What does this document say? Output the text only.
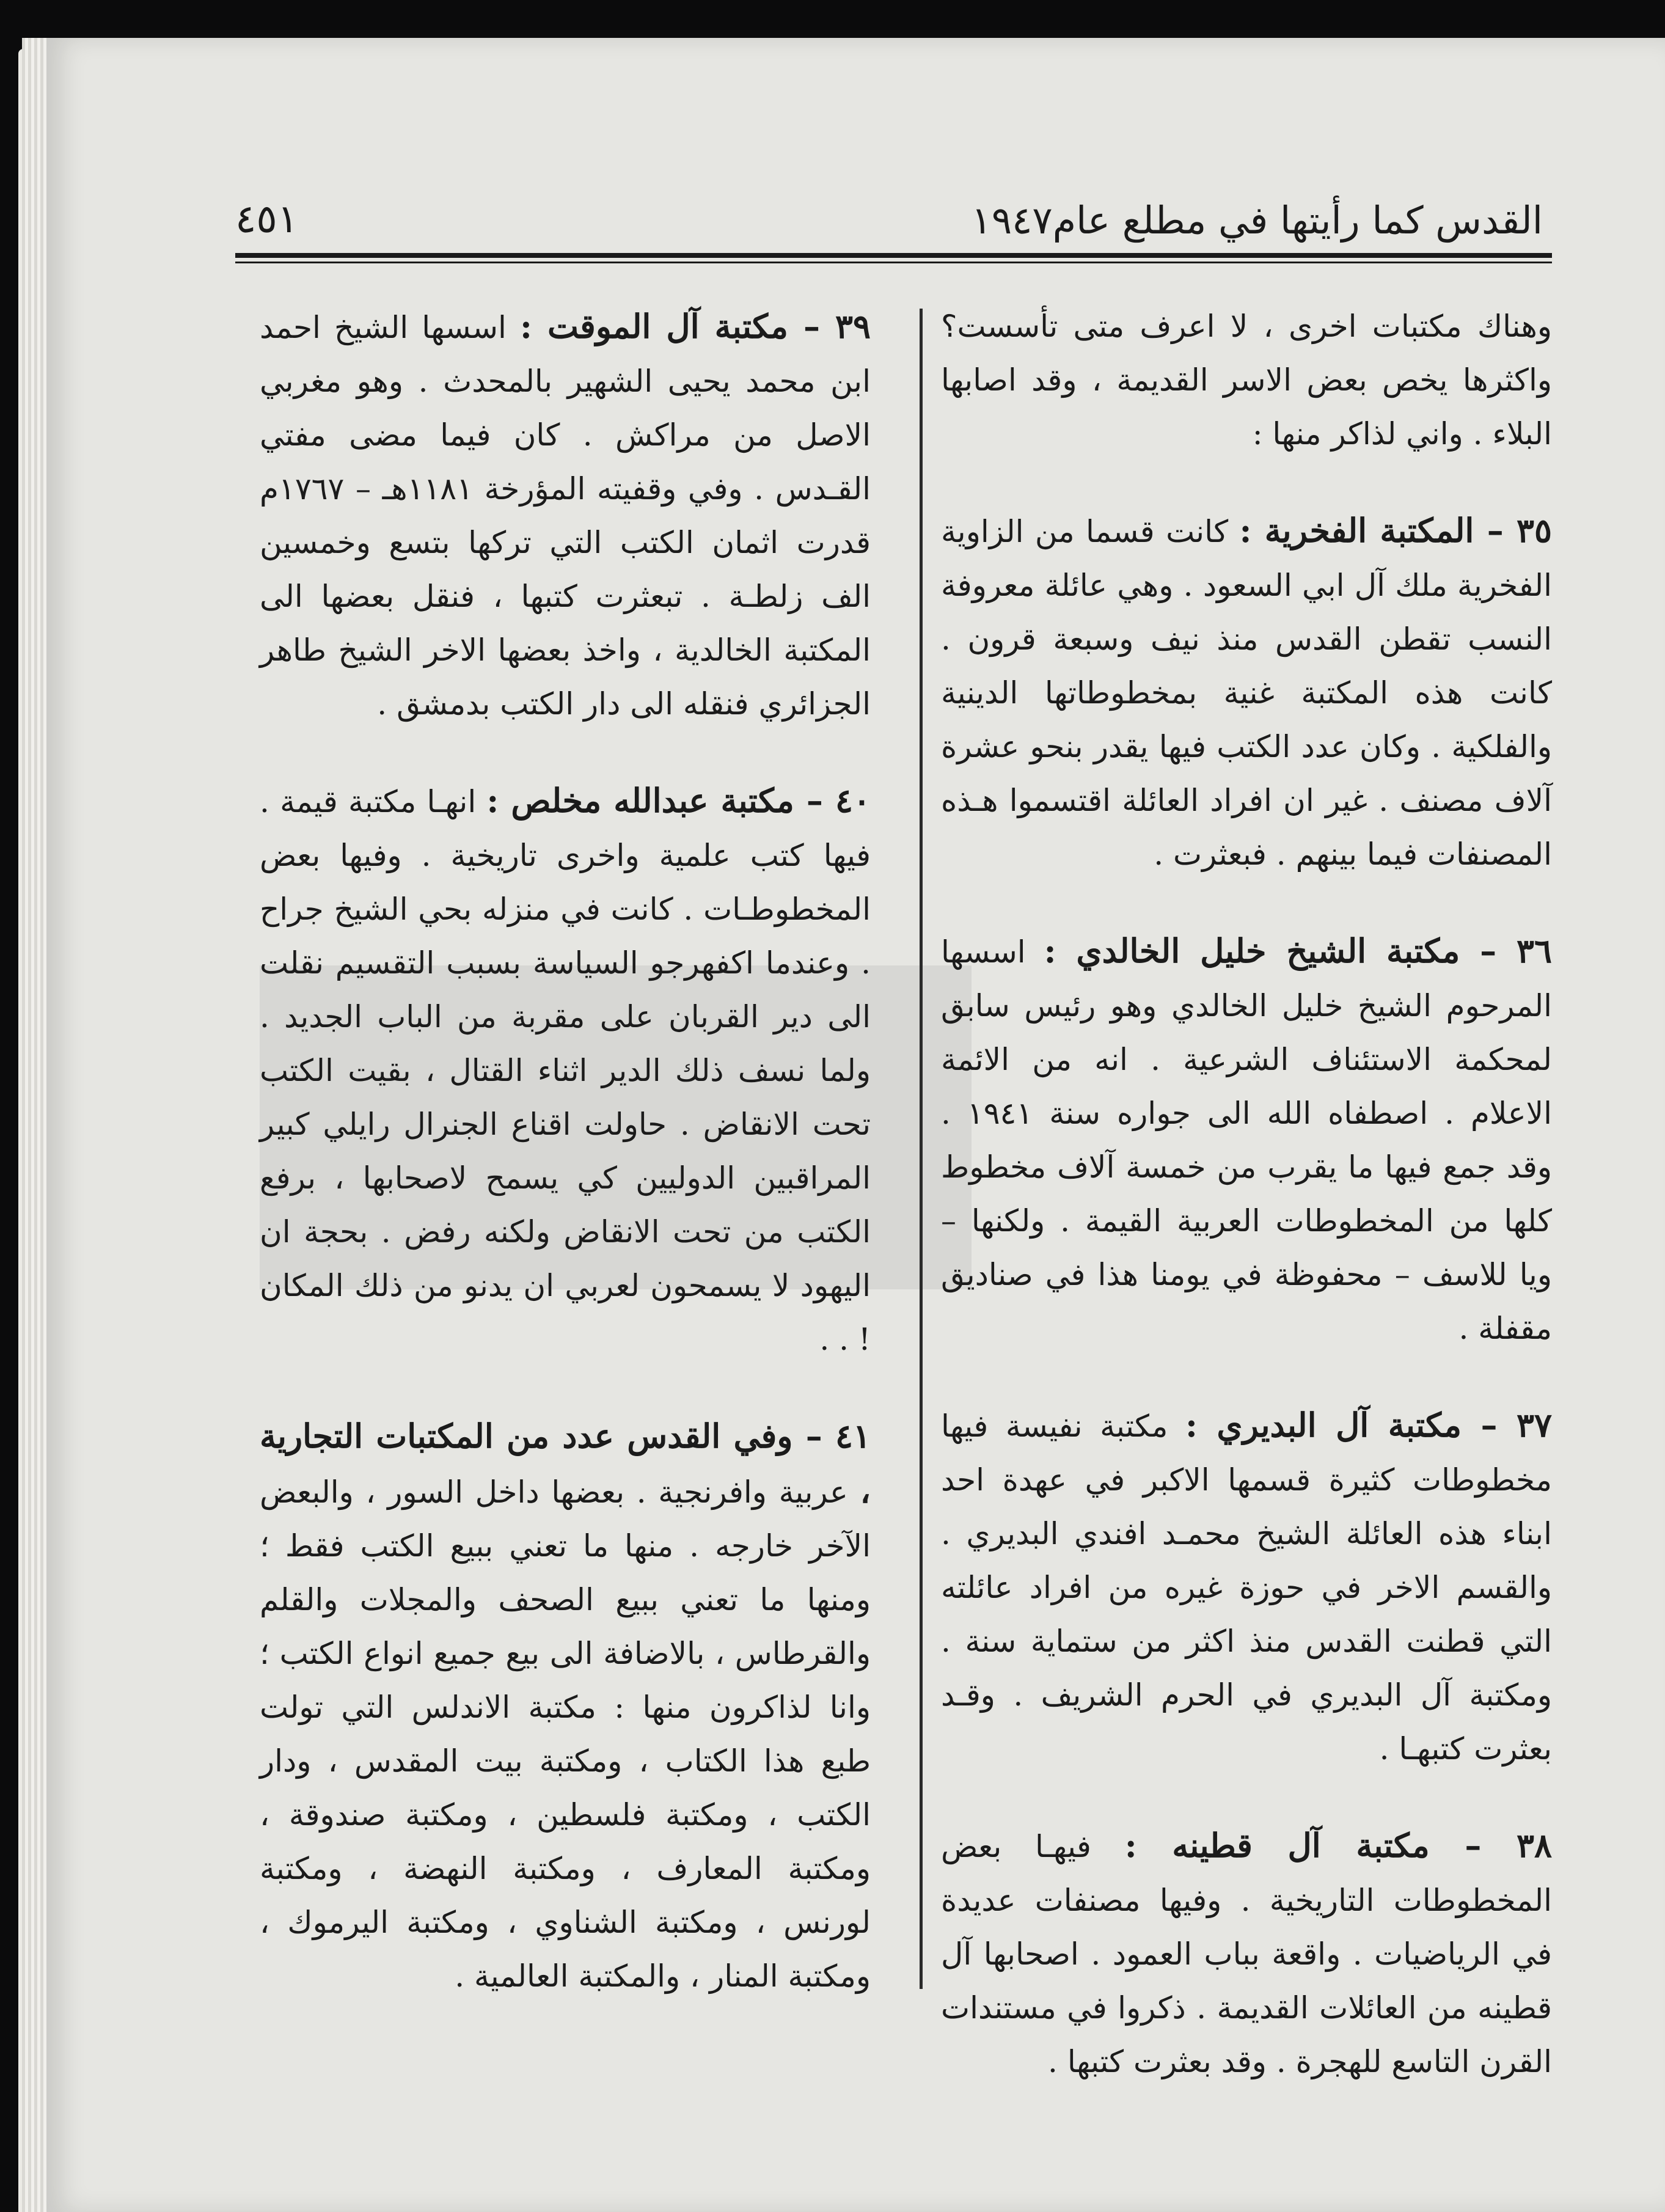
القدس كما رأيتها في مطلع عام١٩٤٧
٤٥١

وهناك مكتبات اخرى ، لا اعرف متى تأسست؟ واكثرها يخص بعض الاسر القديمة ، وقد اصابها البلاء . واني لذاكر منها :

٣٥ – المكتبة الفخرية : كانت قسما من الزاوية الفخرية ملك آل ابي السعود . وهي عائلة معروفة النسب تقطن القدس منذ نيف وسبعة قرون . كانت هذه المكتبة غنية بمخطوطاتها الدينية والفلكية . وكان عدد الكتب فيها يقدر بنحو عشرة آلاف مصنف . غير ان افراد العائلة اقتسموا هـذه المصنفات فيما بينهم . فبعثرت .

٣٦ – مكتبة الشيخ خليل الخالدي : اسسها المرحوم الشيخ خليل الخالدي وهو رئيس سابق لمحكمة الاستئناف الشرعية . انه من الائمة الاعلام . اصطفاه الله الى جواره سنة ١٩٤١ . وقد جمع فيها ما يقرب من خمسة آلاف مخطوط كلها من المخطوطات العربية القيمة . ولكنها – ويا للاسف – محفوظة في يومنا هذا في صناديق مقفلة .

٣٧ – مكتبة آل البديري : مكتبة نفيسة فيها مخطوطات كثيرة قسمها الاكبر في عهدة احد ابناء هذه العائلة الشيخ محمـد افندي البديري . والقسم الاخر في حوزة غيره من افراد عائلته التي قطنت القدس منذ اكثر من ستماية سنة . ومكتبة آل البديري في الحرم الشريف . وقـد بعثرت كتبهـا .

٣٨ – مكتبة آل قطينه : فيهـا بعض المخطوطات التاريخية . وفيها مصنفات عديدة في الرياضيات . واقعة بباب العمود . اصحابها آل قطينه من العائلات القديمة . ذكروا في مستندات القرن التاسع للهجرة . وقد بعثرت كتبها .

٣٩ – مكتبة آل الموقت : اسسها الشيخ احمد ابن محمد يحيى الشهير بالمحدث . وهو مغربي الاصل من مراكش . كان فيما مضى مفتي القـدس . وفي وقفيته المؤرخة ١١٨١هـ – ١٧٦٧م قدرت اثمان الكتب التي تركها بتسع وخمسين الف زلطـة . تبعثرت كتبها ، فنقل بعضها الى المكتبة الخالدية ، واخذ بعضها الاخر الشيخ طاهر الجزائري فنقله الى دار الكتب بدمشق .

٤٠ – مكتبة عبدالله مخلص : انهـا مكتبة قيمة . فيها كتب علمية واخرى تاريخية . وفيها بعض المخطوطـات . كانت في منزله بحي الشيخ جراح . وعندما اكفهرجو السياسة بسبب التقسيم نقلت الى دير القربان على مقربة من الباب الجديد . ولما نسف ذلك الدير اثناء القتال ، بقيت الكتب تحت الانقاض . حاولت اقناع الجنرال رايلي كبير المراقبين الدوليين كي يسمح لاصحابها ، برفع الكتب من تحت الانقاض ولكنه رفض . بحجة ان اليهود لا يسمحون لعربي ان يدنو من ذلك المكان ! . .

٤١ – وفي القدس عدد من المكتبات التجارية ، عربية وافرنجية . بعضها داخل السور ، والبعض الآخر خارجه . منها ما تعني ببيع الكتب فقط ؛ ومنها ما تعني ببيع الصحف والمجلات والقلم والقرطاس ، بالاضافة الى بيع جميع انواع الكتب ؛ وانا لذاكرون منها : مكتبة الاندلس التي تولت طبع هذا الكتاب ، ومكتبة بيت المقدس ، ودار الكتب ، ومكتبة فلسطين ، ومكتبة صندوقة ، ومكتبة المعارف ، ومكتبة النهضة ، ومكتبة لورنس ، ومكتبة الشناوي ، ومكتبة اليرموك ، ومكتبة المنار ، والمكتبة العالمية .
